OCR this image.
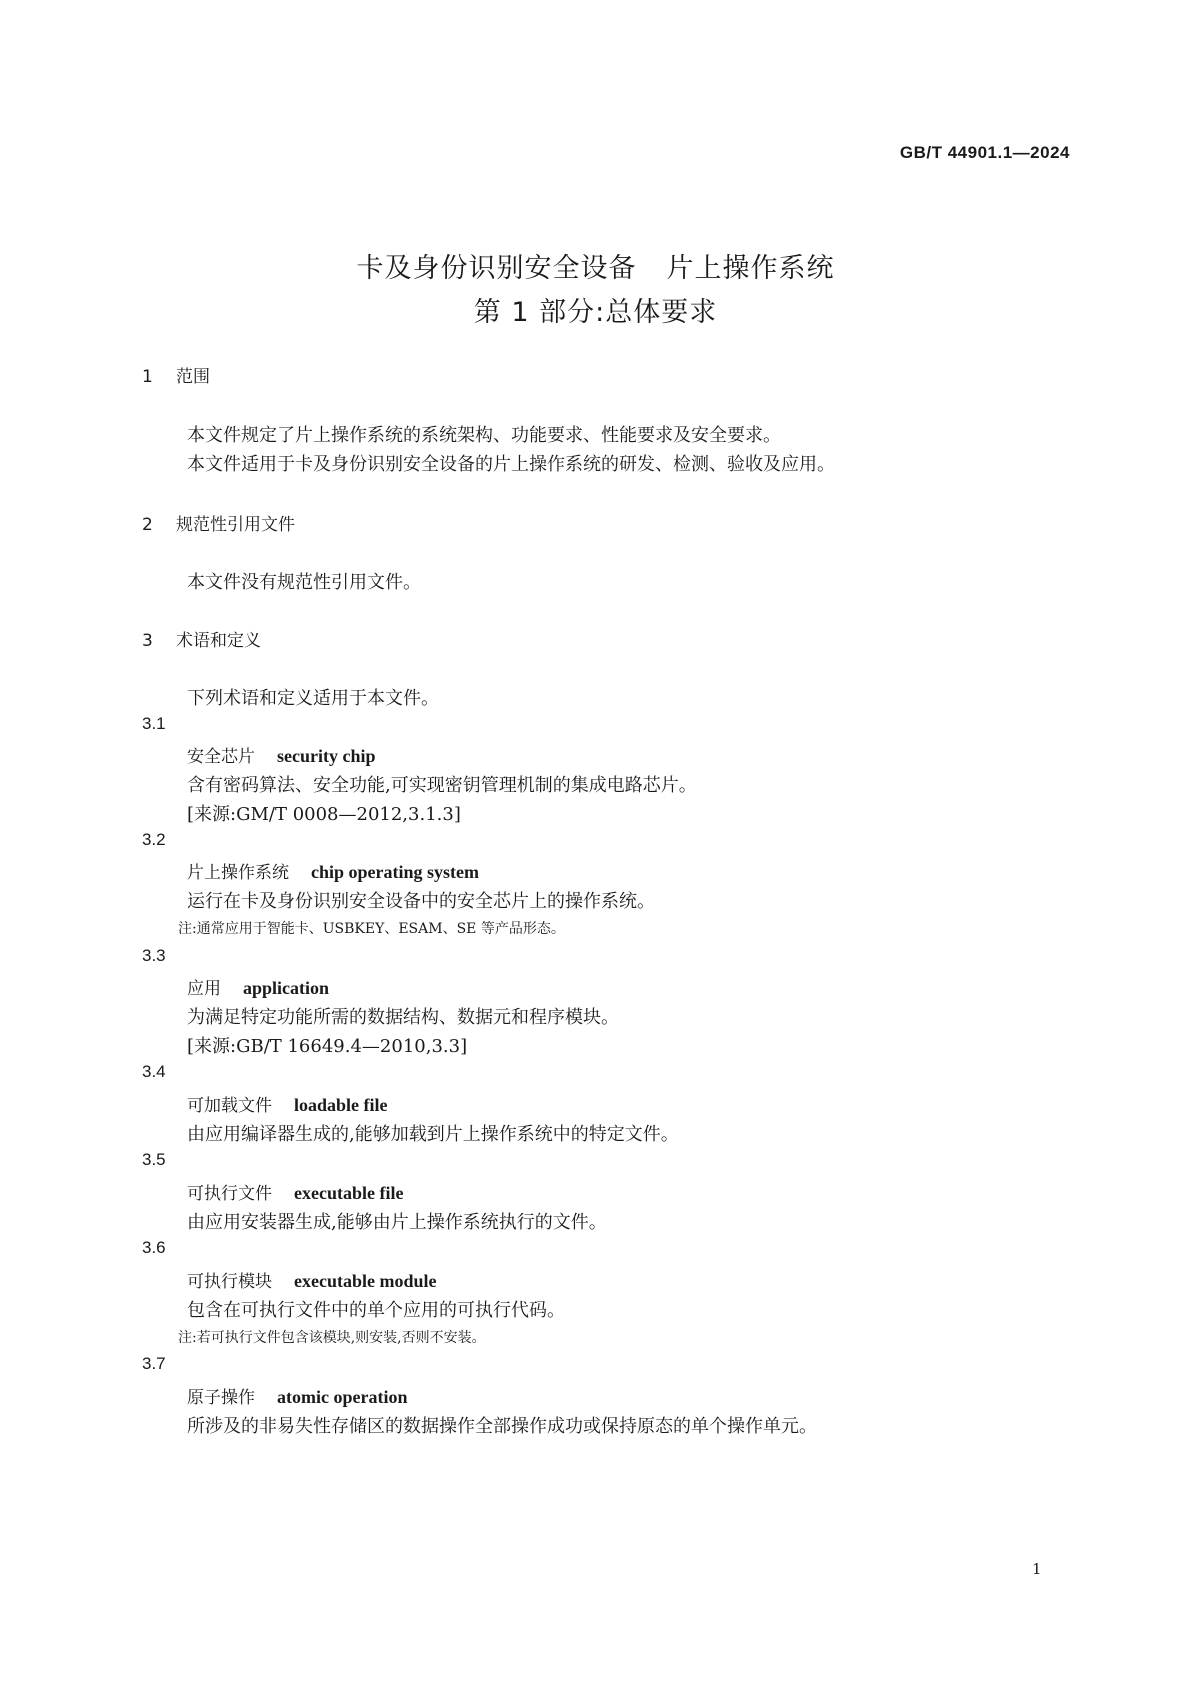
GB/T 44901.1—2024
卡及身份识别安全设备 片上操作系统
第 1 部分:总体要求
1 范围
本文件规定了片上操作系统的系统架构、功能要求、性能要求及安全要求。
本文件适用于卡及身份识别安全设备的片上操作系统的研发、检测、验收及应用。
2 规范性引用文件
本文件没有规范性引用文件。
3 术语和定义
下列术语和定义适用于本文件。
3.1
安全芯片 security chip
含有密码算法、安全功能,可实现密钥管理机制的集成电路芯片。
[来源:GM/T 0008—2012,3.1.3]
3.2
片上操作系统 chip operating system
运行在卡及身份识别安全设备中的安全芯片上的操作系统。
注:通常应用于智能卡、USBKEY、ESAM、SE 等产品形态。
3.3
应用 application
为满足特定功能所需的数据结构、数据元和程序模块。
[来源:GB/T 16649.4—2010,3.3]
3.4
可加载文件 loadable file
由应用编译器生成的,能够加载到片上操作系统中的特定文件。
3.5
可执行文件 executable file
由应用安装器生成,能够由片上操作系统执行的文件。
3.6
可执行模块 executable module
包含在可执行文件中的单个应用的可执行代码。
注:若可执行文件包含该模块,则安装,否则不安装。
3.7
原子操作 atomic operation
所涉及的非易失性存储区的数据操作全部操作成功或保持原态的单个操作单元。
1
